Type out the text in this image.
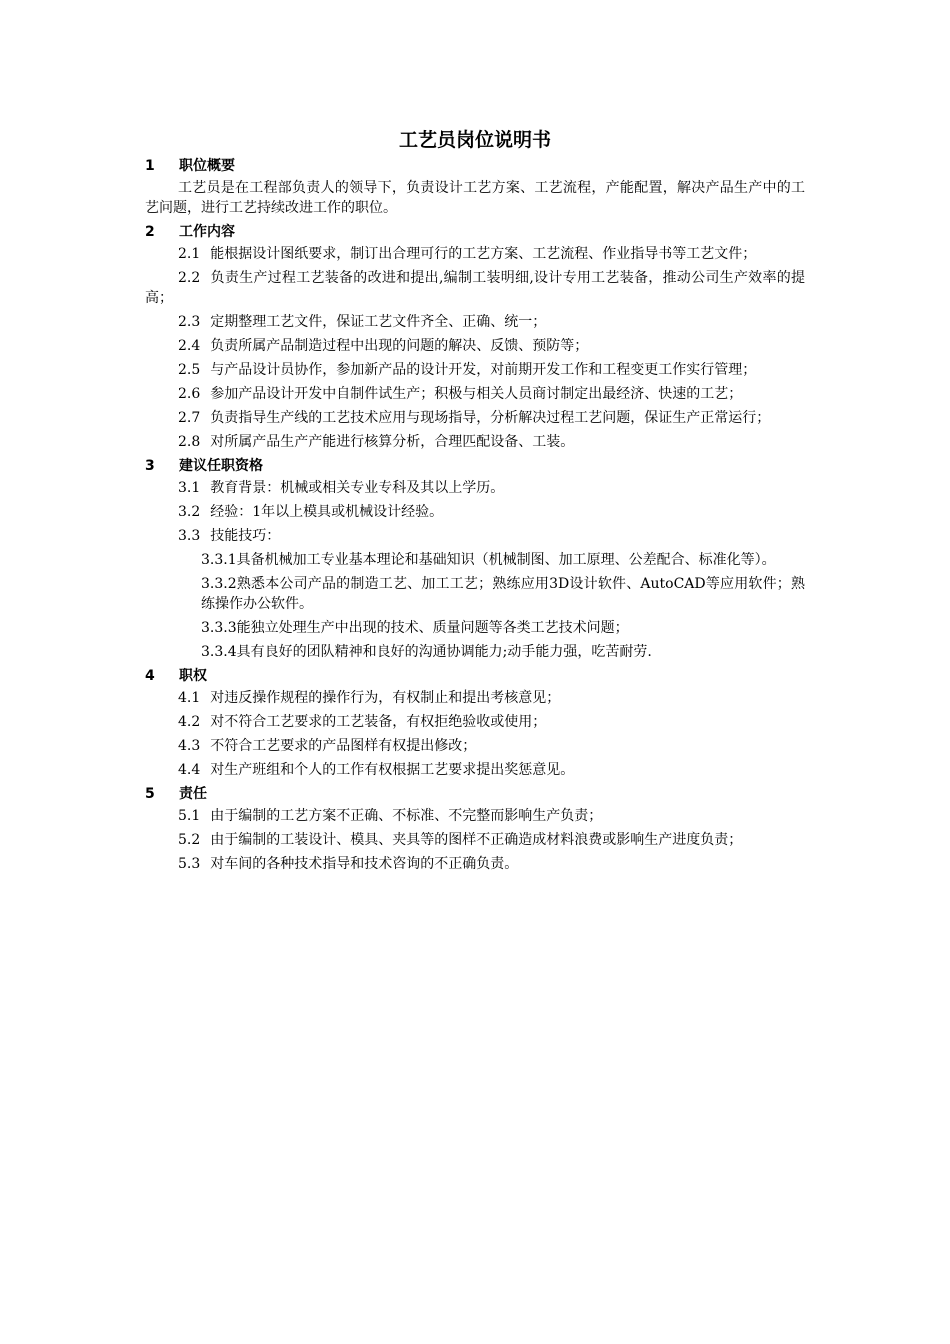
工艺员岗位说明书
1	职位概要

工艺员是在工程部负责人的领导下，负责设计工艺方案、工艺流程，产能配置，解决产品生产中的工艺问题，进行工艺持续改进工作的职位。

2	工作内容

2.1 能根据设计图纸要求，制订出合理可行的工艺方案、工艺流程、作业指导书等工艺文件；

2.2 负责生产过程工艺装备的改进和提出,编制工装明细,设计专用工艺装备，推动公司生产效率的提高；

2.3 定期整理工艺文件，保证工艺文件齐全、正确、统一；

2.4 负责所属产品制造过程中出现的问题的解决、反馈、预防等；

2.5 与产品设计员协作，参加新产品的设计开发，对前期开发工作和工程变更工作实行管理；

2.6 参加产品设计开发中自制件试生产；积极与相关人员商讨制定出最经济、快速的工艺；

2.7 负责指导生产线的工艺技术应用与现场指导，分析解决过程工艺问题，保证生产正常运行；

2.8 对所属产品生产产能进行核算分析，合理匹配设备、工装。

3	建议任职资格

3.1 教育背景：机械或相关专业专科及其以上学历。

3.2 经验：1年以上模具或机械设计经验。

3.3 技能技巧：

3.3.1具备机械加工专业基本理论和基础知识（机械制图、加工原理、公差配合、标准化等）。

3.3.2熟悉本公司产品的制造工艺、加工工艺；熟练应用3D设计软件、AutoCAD等应用软件；熟练操作办公软件。

3.3.3能独立处理生产中出现的技术、质量问题等各类工艺技术问题；

3.3.4具有良好的团队精神和良好的沟通协调能力;动手能力强，吃苦耐劳.

4	职权

4.1 对违反操作规程的操作行为，有权制止和提出考核意见；

4.2 对不符合工艺要求的工艺装备，有权拒绝验收或使用；

4.3 不符合工艺要求的产品图样有权提出修改；

4.4 对生产班组和个人的工作有权根据工艺要求提出奖惩意见。

5	责任

5.1 由于编制的工艺方案不正确、不标准、不完整而影响生产负责；

5.2 由于编制的工装设计、模具、夹具等的图样不正确造成材料浪费或影响生产进度负责；

5.3 对车间的各种技术指导和技术咨询的不正确负责。
